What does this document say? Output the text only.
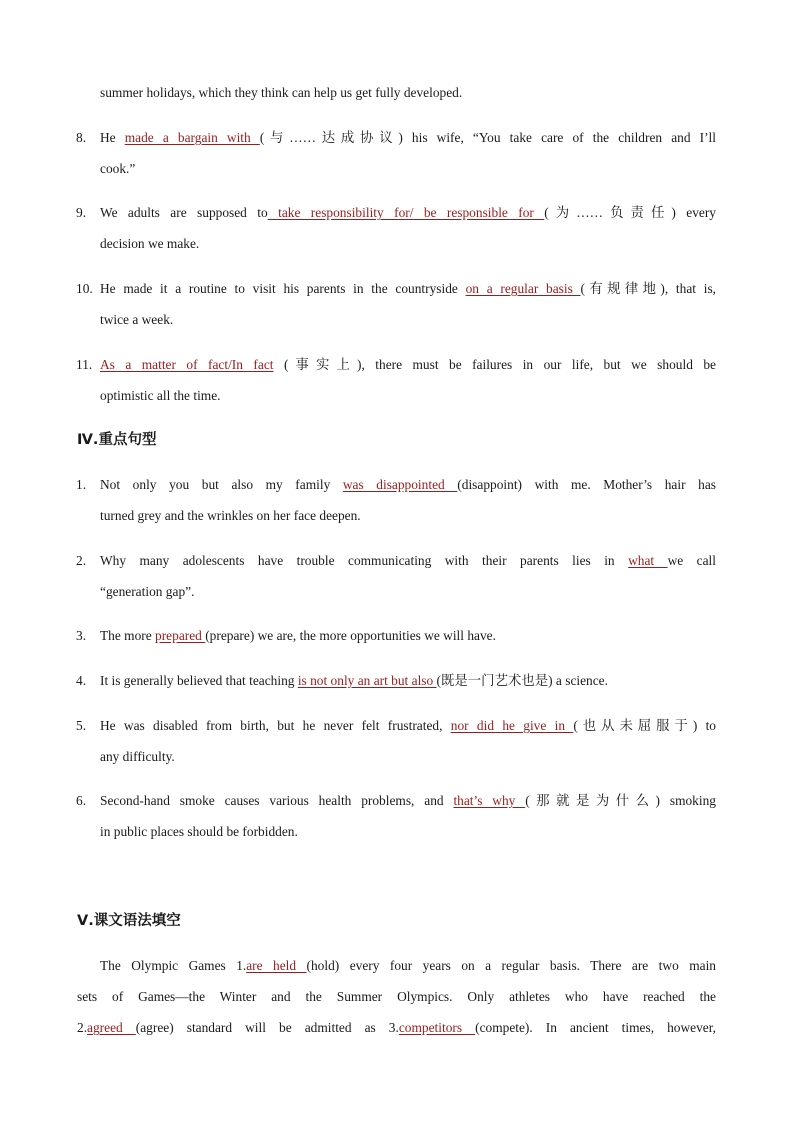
summer holidays, which they think can help us get fully developed.
8. He made a bargain with (与……达成协议) his wife, “You take care of the children and I’ll
cook.”
9. We adults are supposed to take responsibility for/ be responsible for (为……负责任) every
decision we make.
10. He made it a routine to visit his parents in the countryside on a regular basis (有规律地), that is,
twice a week.
11. As a matter of fact/In fact (事实上), there must be failures in our life, but we should be
optimistic all the time.
Ⅳ.重点句型
1. Not only you but also my family was disappointed (disappoint) with me. Mother’s hair has
turned grey and the wrinkles on her face deepen.
2. Why many adolescents have trouble communicating with their parents lies in what we call
“generation gap”.
3. The more prepared (prepare) we are, the more opportunities we will have.
4. It is generally believed that teaching is not only an art but also (既是一门艺术也是) a science.
5. He was disabled from birth, but he never felt frustrated, nor did he give in (也从未屈服于) to
any difficulty.
6. Second-hand smoke causes various health problems, and that’s why (那就是为什么) smoking
in public places should be forbidden.
Ⅴ.课文语法填空
The Olympic Games 1.are held (hold) every four years on a regular basis. There are two main
sets of Games—the Winter and the Summer Olympics. Only athletes who have reached the
2.agreed (agree) standard will be admitted as 3.competitors (compete). In ancient times, however,
